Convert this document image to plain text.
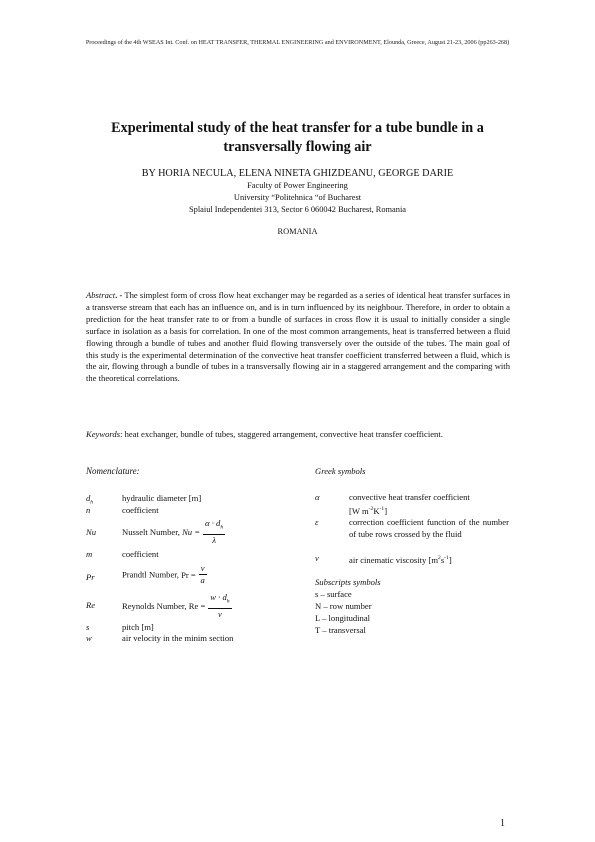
Proceedings of the 4th WSEAS Int. Conf. on HEAT TRANSFER, THERMAL ENGINEERING and ENVIRONMENT, Elounda, Greece, August 21-23, 2006 (pp263-268)
Experimental study of the heat transfer for a tube bundle in a transversally flowing air
BY HORIA NECULA, ELENA NINETA GHIZDEANU, GEORGE DARIE
Faculty of Power Engineering
University “Politehnica “of Bucharest
Splaiul Independentei 313, Sector 6 060042 Bucharest, Romania
ROMANIA
Abstract. - The simplest form of cross flow heat exchanger may be regarded as a series of identical heat transfer surfaces in a transverse stream that each has an influence on, and is in turn influenced by its neighbour. Therefore, in order to obtain a prediction for the heat transfer rate to or from a bundle of surfaces in cross flow it is usual to initially consider a single surface in isolation as a basis for correlation. In one of the most common arrangements, heat is transferred between a fluid flowing through a bundle of tubes and another fluid flowing transversely over the outside of the tubes. The main goal of this study is the experimental determination of the convective heat transfer coefficient transferred between a fluid, which is the air, flowing through a bundle of tubes in a transversally flowing air in a staggered arrangement and the comparing with the theoretical correlations.
Keywords: heat exchanger, bundle of tubes, staggered arrangement, convective heat transfer coefficient.
Nomenclature:
$d_h$	hydraulic diameter [m]
n	coefficient
Nu	Nusselt Number, $Nu = \frac{\alpha \cdot d_h}{\lambda}$
m	coefficient
Pr	Prandtl Number, $Pr = \frac{\nu}{a}$
Re	Reynolds Number, $Re = \frac{w \cdot d_h}{\nu}$
s	pitch [m]
w	air velocity in the minim section
Greek symbols
α	convective heat transfer coefficient
[W $m^{-2}K^{-1}$]
ε	correction coefficient function of the number of tube rows crossed by the fluid
ν	air cinematic viscosity $[m^2s^{-1}]$
Subscripts symbols
s – surface
N – row number
L – longitudinal
T – transversal
1
